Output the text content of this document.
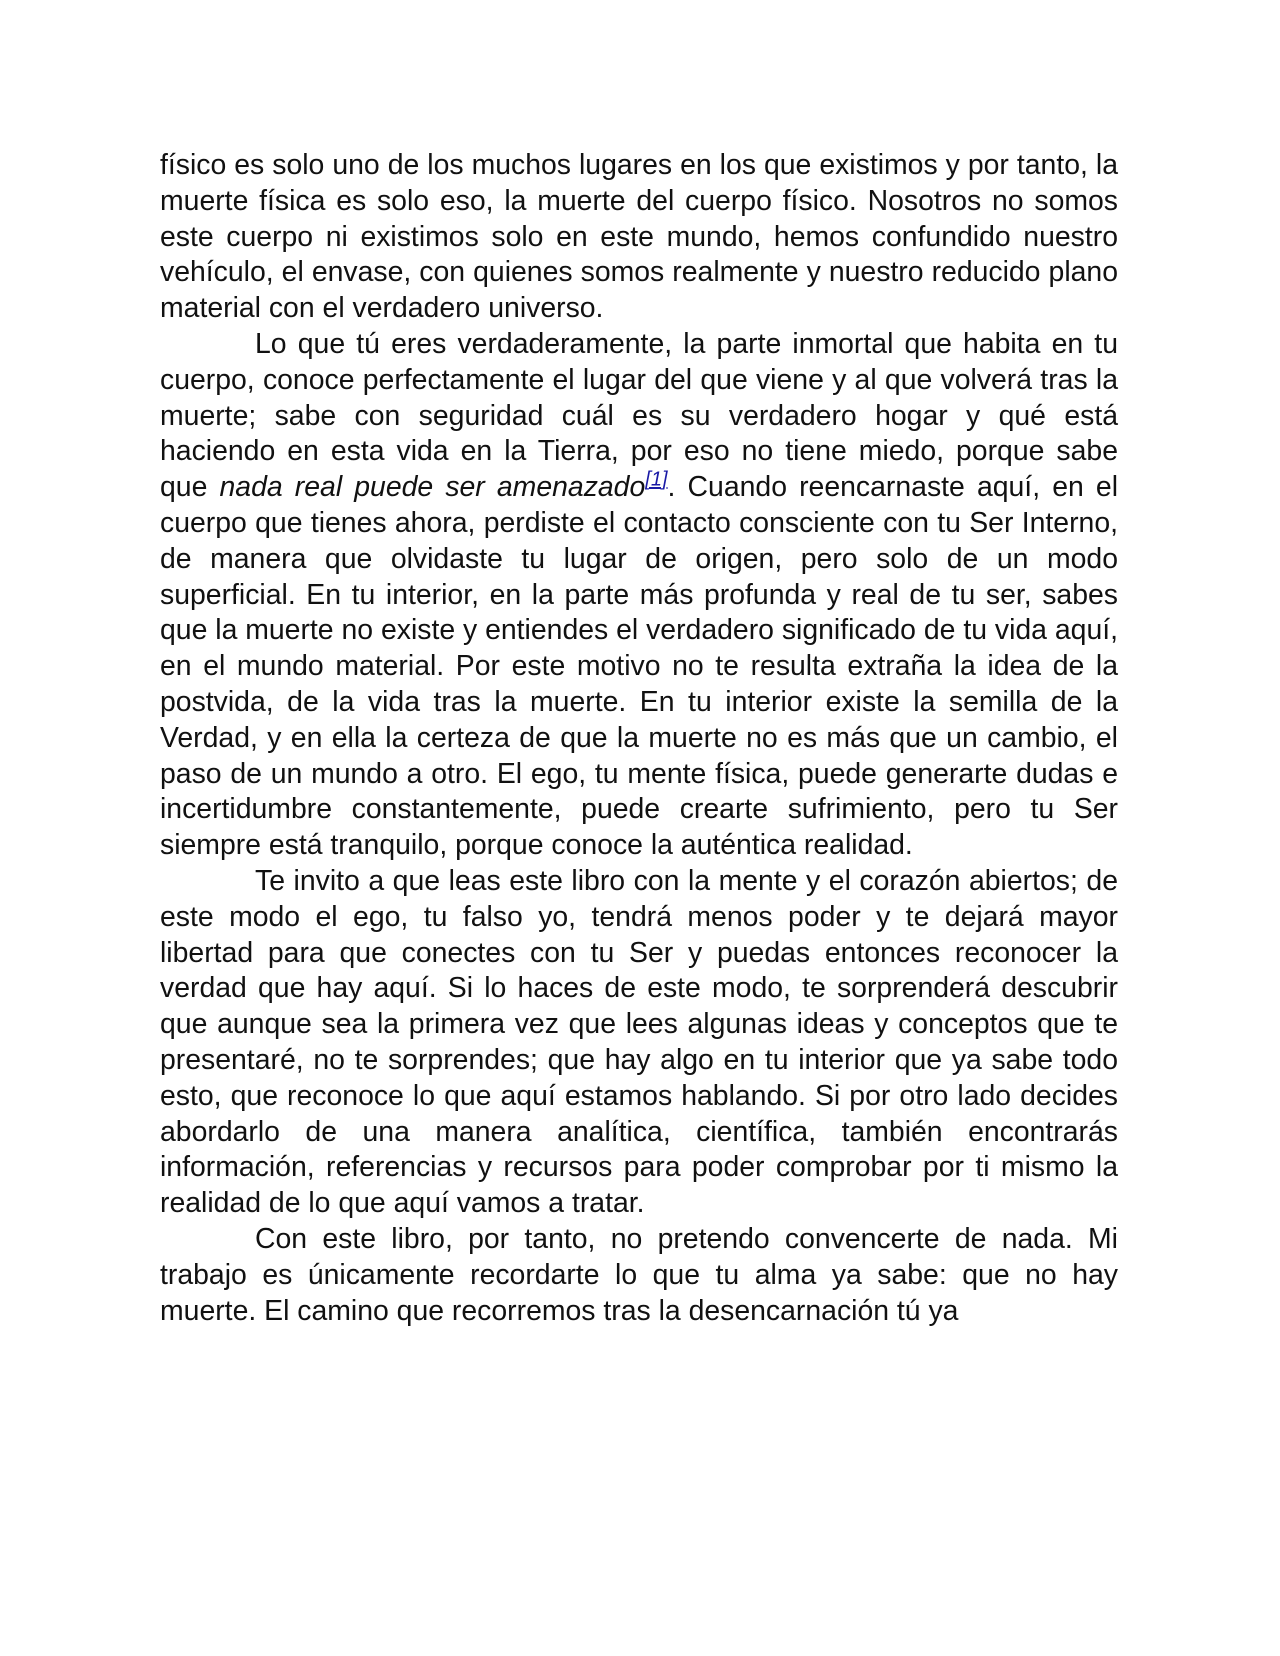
físico es solo uno de los muchos lugares en los que existimos y por tanto, la muerte física es solo eso, la muerte del cuerpo físico. Nosotros no somos este cuerpo ni existimos solo en este mundo, hemos confundido nuestro vehículo, el envase, con quienes somos realmente y nuestro reducido plano material con el verdadero universo.

Lo que tú eres verdaderamente, la parte inmortal que habita en tu cuerpo, conoce perfectamente el lugar del que viene y al que volverá tras la muerte; sabe con seguridad cuál es su verdadero hogar y qué está haciendo en esta vida en la Tierra, por eso no tiene miedo, porque sabe que nada real puede ser amenazado[1]. Cuando reencarnaste aquí, en el cuerpo que tienes ahora, perdiste el contacto consciente con tu Ser Interno, de manera que olvidaste tu lugar de origen, pero solo de un modo superficial. En tu interior, en la parte más profunda y real de tu ser, sabes que la muerte no existe y entiendes el verdadero significado de tu vida aquí, en el mundo material. Por este motivo no te resulta extraña la idea de la postvida, de la vida tras la muerte. En tu interior existe la semilla de la Verdad, y en ella la certeza de que la muerte no es más que un cambio, el paso de un mundo a otro. El ego, tu mente física, puede generarte dudas e incertidumbre constantemente, puede crearte sufrimiento, pero tu Ser siempre está tranquilo, porque conoce la auténtica realidad.

Te invito a que leas este libro con la mente y el corazón abiertos; de este modo el ego, tu falso yo, tendrá menos poder y te dejará mayor libertad para que conectes con tu Ser y puedas entonces reconocer la verdad que hay aquí. Si lo haces de este modo, te sorprenderá descubrir que aunque sea la primera vez que lees algunas ideas y conceptos que te presentaré, no te sorprendes; que hay algo en tu interior que ya sabe todo esto, que reconoce lo que aquí estamos hablando. Si por otro lado decides abordarlo de una manera analítica, científica, también encontrarás información, referencias y recursos para poder comprobar por ti mismo la realidad de lo que aquí vamos a tratar.

Con este libro, por tanto, no pretendo convencerte de nada. Mi trabajo es únicamente recordarte lo que tu alma ya sabe: que no hay muerte. El camino que recorremos tras la desencarnación tú ya
